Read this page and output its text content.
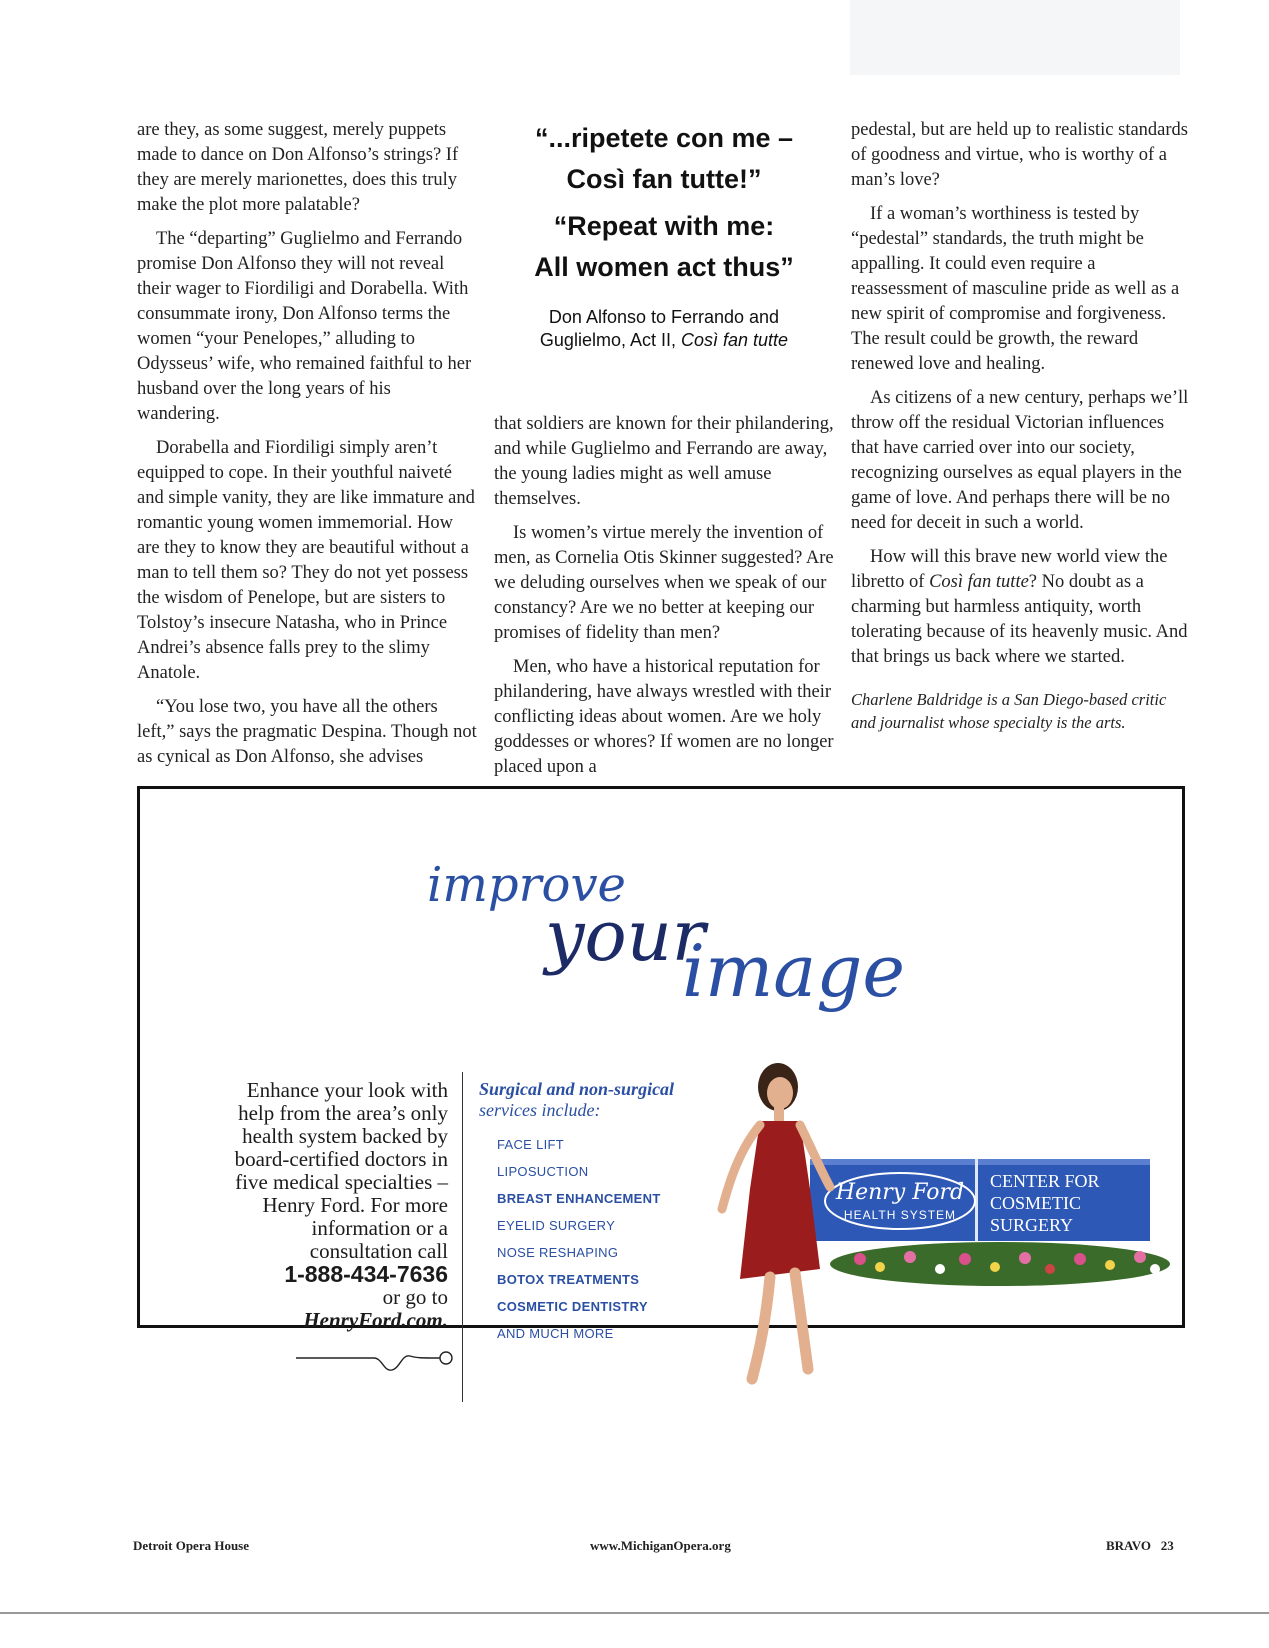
are they, as some suggest, merely puppets made to dance on Don Alfonso’s strings? If they are merely marionettes, does this truly make the plot more palatable?

The “departing” Guglielmo and Ferrando promise Don Alfonso they will not reveal their wager to Fiordiligi and Dorabella. With consummate irony, Don Alfonso terms the women “your Penelopes,” alluding to Odysseus’ wife, who remained faithful to her husband over the long years of his wandering.

Dorabella and Fiordiligi simply aren’t equipped to cope. In their youthful naiveté and simple vanity, they are like immature and romantic young women immemorial. How are they to know they are beautiful without a man to tell them so? They do not yet possess the wisdom of Penelope, but are sisters to Tolstoy’s insecure Natasha, who in Prince Andrei’s absence falls prey to the slimy Anatole.

“You lose two, you have all the others left,” says the pragmatic Despina. Though not as cynical as Don Alfonso, she advises

“...ripetete con me –
Così fan tutte!”
“Repeat with me:
All women act thus”
Don Alfonso to Ferrando and
Guglielmo, Act II, Così fan tutte

that soldiers are known for their philandering, and while Guglielmo and Ferrando are away, the young ladies might as well amuse themselves.

Is women’s virtue merely the invention of men, as Cornelia Otis Skinner suggested? Are we deluding ourselves when we speak of our constancy? Are we no better at keeping our promises of fidelity than men?

Men, who have a historical reputation for philandering, have always wrestled with their conflicting ideas about women. Are we holy goddesses or whores? If women are no longer placed upon a

pedestal, but are held up to realistic standards of goodness and virtue, who is worthy of a man’s love?

If a woman’s worthiness is tested by “pedestal” standards, the truth might be appalling. It could even require a reassessment of masculine pride as well as a new spirit of compromise and forgiveness. The result could be growth, the reward renewed love and healing.

As citizens of a new century, perhaps we’ll throw off the residual Victorian influences that have carried over into our society, recognizing ourselves as equal players in the game of love. And perhaps there will be no need for deceit in such a world.

How will this brave new world view the libretto of Così fan tutte? No doubt as a charming but harmless antiquity, worth tolerating because of its heavenly music. And that brings us back where we started.

Charlene Baldridge is a San Diego-based critic and journalist whose specialty is the arts.
improve
your
image
Enhance your look with help from the area’s only health system backed by board-certified doctors in five medical specialties – Henry Ford. For more information or a consultation call
1-888-434-7636
or go to
HenryFord.com.
Surgical and non-surgical
services include:
FACE LIFT
LIPOSUCTION
BREAST ENHANCEMENT
EYELID SURGERY
NOSE RESHAPING
BOTOX TREATMENTS
COSMETIC DENTISTRY
AND MUCH MORE
Henry Ford
HEALTH SYSTEM
CENTER FOR
COSMETIC
SURGERY
Detroit Opera House	www.MichiganOpera.org	BRAVO   23
